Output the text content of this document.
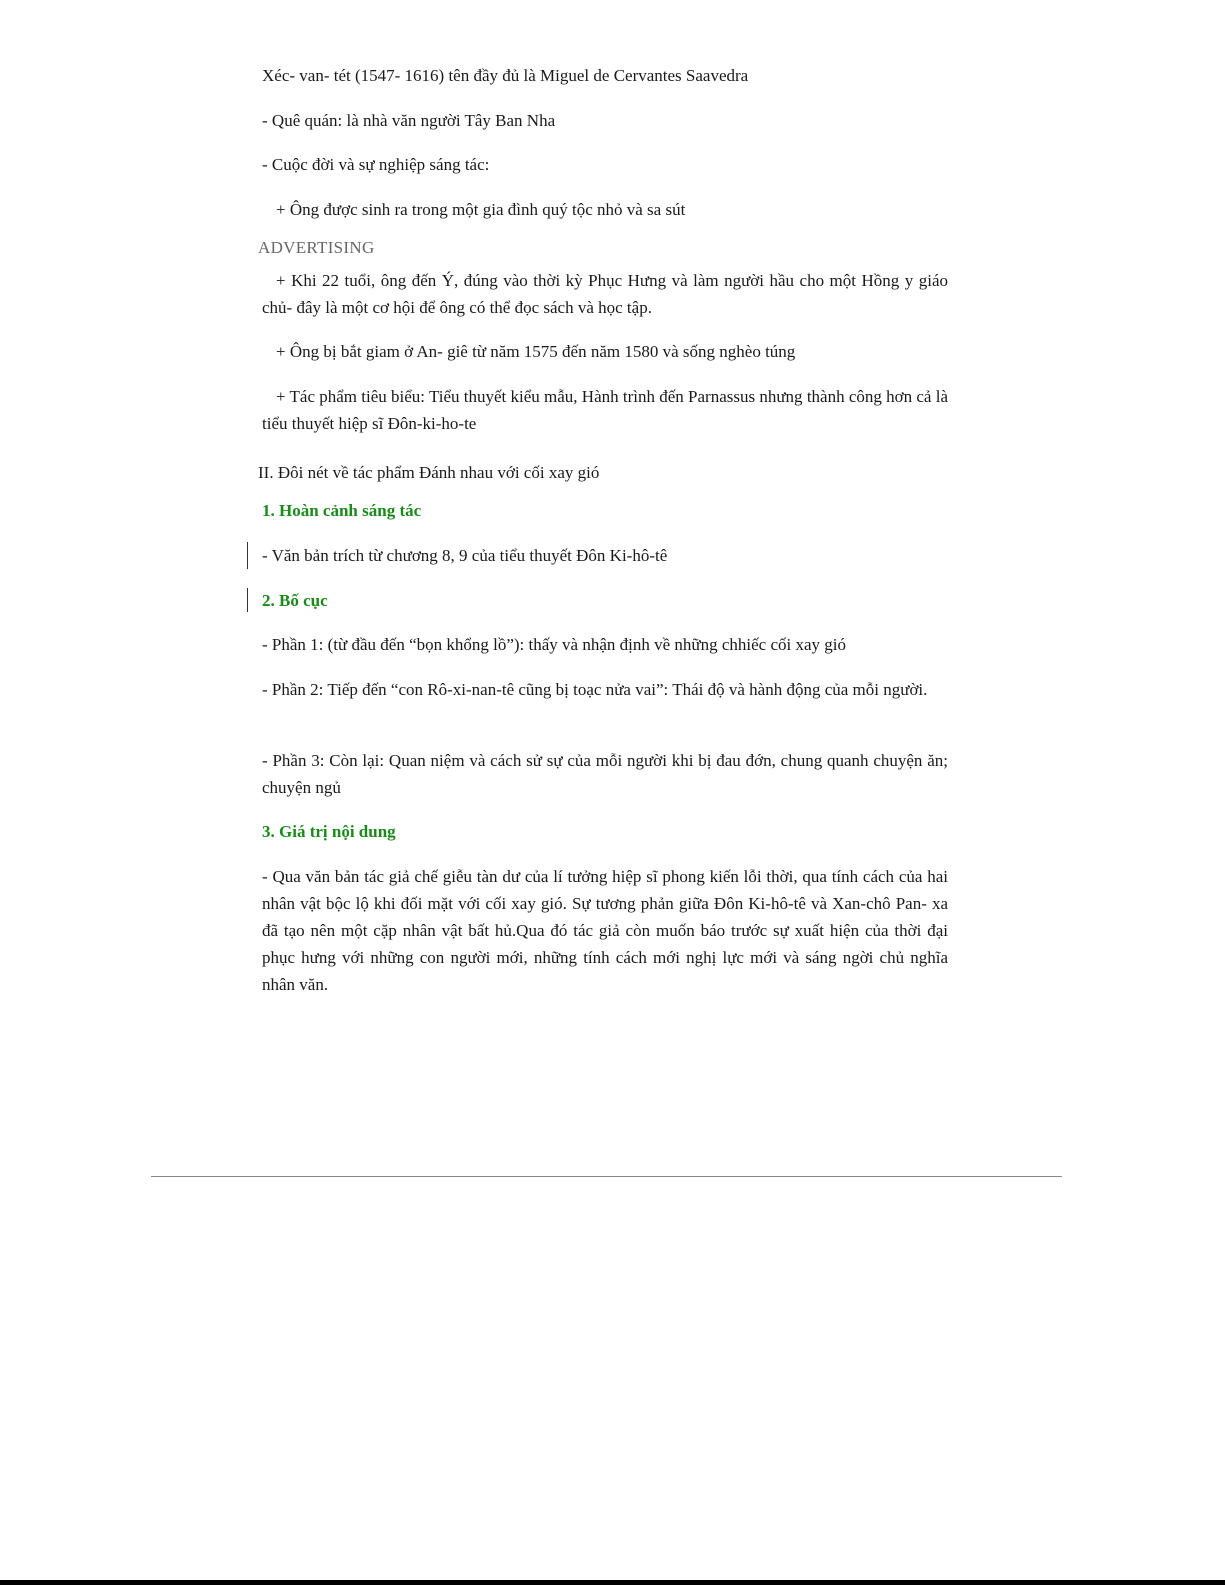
Xéc- van- tét (1547- 1616) tên đầy đủ là Miguel de Cervantes Saavedra
- Quê quán: là nhà văn người Tây Ban Nha
- Cuộc đời và sự nghiệp sáng tác:
+ Ông được sinh ra trong một gia đình quý tộc nhỏ và sa sút
ADVERTISING
+ Khi 22 tuổi, ông đến Ý, đúng vào thời kỳ Phục Hưng và làm người hầu cho một Hồng y giáo chủ- đây là một cơ hội để ông có thể đọc sách và học tập.
+ Ông bị bắt giam ở An- giê từ năm 1575 đến năm 1580 và sống nghèo túng
+ Tác phẩm tiêu biểu: Tiểu thuyết kiểu mẫu, Hành trình đến Parnassus nhưng thành công hơn cả là tiểu thuyết hiệp sĩ Đôn-ki-ho-te
II. Đôi nét về tác phẩm Đánh nhau với cối xay gió
1. Hoàn cảnh sáng tác
- Văn bản trích từ chương 8, 9 của tiểu thuyết Đôn Ki-hô-tê
2. Bố cục
- Phần 1: (từ đầu đến “bọn khổng lồ”): thấy và nhận định về những chhiếc cối xay gió
- Phần 2: Tiếp đến “con Rô-xi-nan-tê cũng bị toạc nửa vai”: Thái độ và hành động của mỗi người.
- Phần 3: Còn lại: Quan niệm và cách sử sự của mỗi người khi bị đau đớn, chung quanh chuyện ăn; chuyện ngủ
3. Giá trị nội dung
- Qua văn bản tác giả chế giễu tàn dư của lí tưởng hiệp sĩ phong kiến lỗi thời, qua tính cách của hai nhân vật bộc lộ khi đối mặt với cối xay gió. Sự tương phản giữa Đôn Ki-hô-tê và Xan-chô Pan- xa đã tạo nên một cặp nhân vật bất hủ.Qua đó tác giả còn muốn báo trước sự xuất hiện của thời đại phục hưng với những con người mới, những tính cách mới nghị lực mới và sáng ngời chủ nghĩa nhân văn.
